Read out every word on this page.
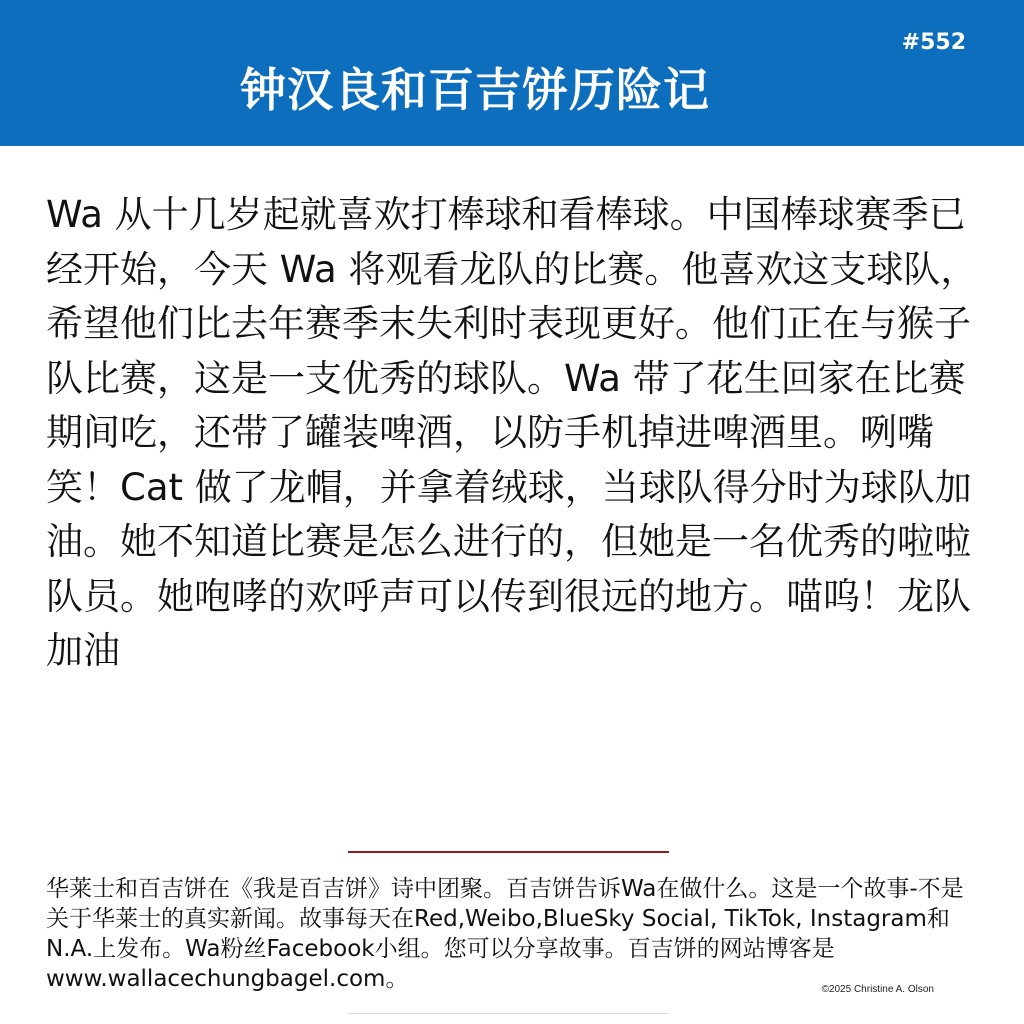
#552
钟汉良和百吉饼历险记

Wa 从十几岁起就喜欢打棒球和看棒球。中国棒球赛季已经开始，今天 Wa 将观看龙队的比赛。他喜欢这支球队，希望他们比去年赛季末失利时表现更好。他们正在与猴子队比赛，这是一支优秀的球队。Wa 带了花生回家在比赛期间吃，还带了罐装啤酒，以防手机掉进啤酒里。咧嘴笑！Cat 做了龙帽，并拿着绒球，当球队得分时为球队加油。她不知道比赛是怎么进行的，但她是一名优秀的啦啦队员。她咆哮的欢呼声可以传到很远的地方。喵呜！龙队加油

华莱士和百吉饼在《我是百吉饼》诗中团聚。百吉饼告诉Wa在做什么。这是一个故事-不是关于华莱士的真实新闻。故事每天在Red,Weibo,BlueSky Social, TikTok, Instagram和N.A.上发布。Wa粉丝Facebook小组。您可以分享故事。百吉饼的网站博客是www.wallacechungbagel.com。	©2025 Christine A. Olson
